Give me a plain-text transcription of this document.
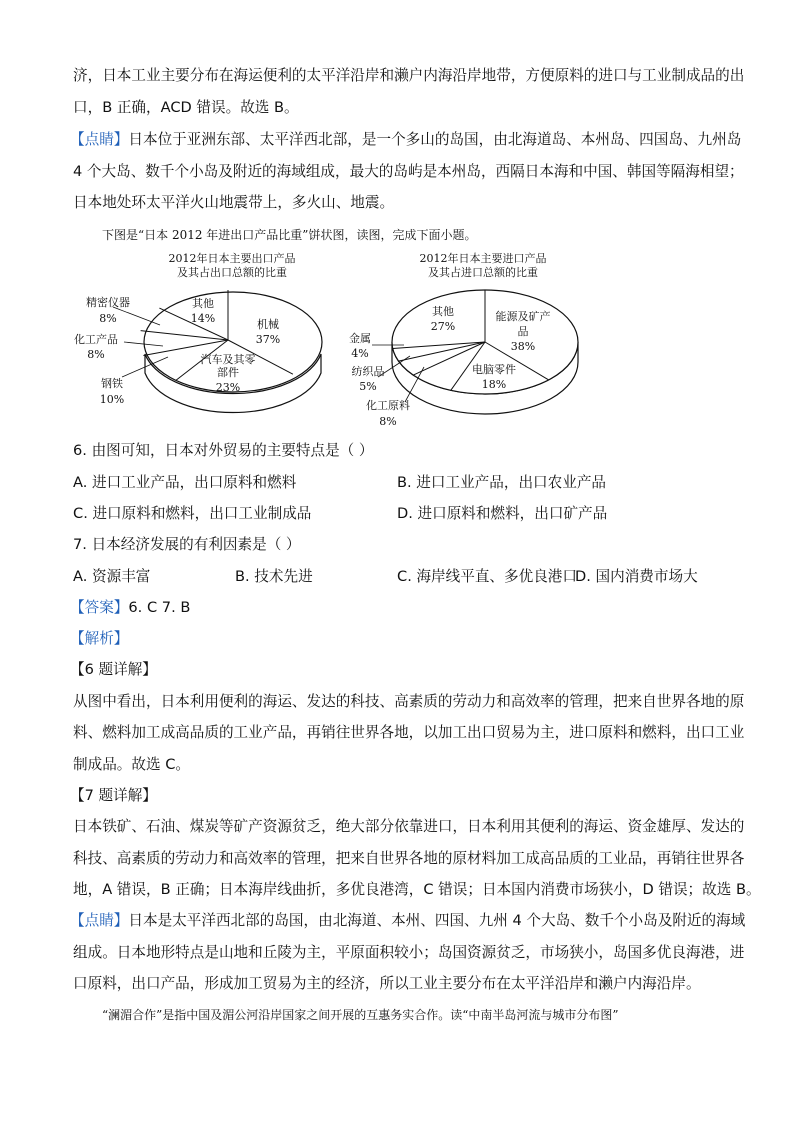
济，日本工业主要分布在海运便利的太平洋沿岸和濑户内海沿岸地带，方便原料的进口与工业制成品的出
口，B 正确，ACD 错误。故选 B。
【点睛】日本位于亚洲东部、太平洋西北部，是一个多山的岛国，由北海道岛、本州岛、四国岛、九州岛
4 个大岛、数千个小岛及附近的海域组成，最大的岛屿是本州岛，西隔日本海和中国、韩国等隔海相望；
日本地处环太平洋火山地震带上，多火山、地震。
下图是“日本 2012 年进出口产品比重”饼状图，读图，完成下面小题。
2012年日本主要出口产品
及其占出口总额的比重
精密仪器
8%
化工产品
8%
钢铁
10%
其他
14%	机械
37%
汽车及其零
部件
23%
2012年日本主要进口产品
及其占进口总额的比重
金属
4%
纺织品
5%
化工原料
8%
其他
27%
能源及矿产
品
38%
电脑零件
18%
6. 由图可知，日本对外贸易的主要特点是（ ）
A. 进口工业产品，出口原料和燃料	B. 进口工业产品，出口农业产品
C. 进口原料和燃料，出口工业制成品	D. 进口原料和燃料，出口矿产品
7. 日本经济发展的有利因素是（ ）
A. 资源丰富	B. 技术先进	C. 海岸线平直、多优良港口
D. 国内消费市场大
【答案】6. C 7. B
【解析】
【6 题详解】
从图中看出，日本利用便利的海运、发达的科技、高素质的劳动力和高效率的管理，把来自世界各地的原
料、燃料加工成高品质的工业产品，再销往世界各地，以加工出口贸易为主，进口原料和燃料，出口工业
制成品。故选 C。
【7 题详解】
日本铁矿、石油、煤炭等矿产资源贫乏，绝大部分依靠进口，日本利用其便利的海运、资金雄厚、发达的
科技、高素质的劳动力和高效率的管理，把来自世界各地的原材料加工成高品质的工业品，再销往世界各
地，A 错误，B 正确；日本海岸线曲折，多优良港湾，C 错误；日本国内消费市场狭小，D 错误；故选 B。
【点睛】日本是太平洋西北部的岛国，由北海道、本州、四国、九州 4 个大岛、数千个小岛及附近的海域
组成。日本地形特点是山地和丘陵为主，平原面积较小；岛国资源贫乏，市场狭小，岛国多优良海港，进
口原料，出口产品，形成加工贸易为主的经济，所以工业主要分布在太平洋沿岸和濑户内海沿岸。
“澜湄合作”是指中国及湄公河沿岸国家之间开展的互惠务实合作。读“中南半岛河流与城市分布图”
